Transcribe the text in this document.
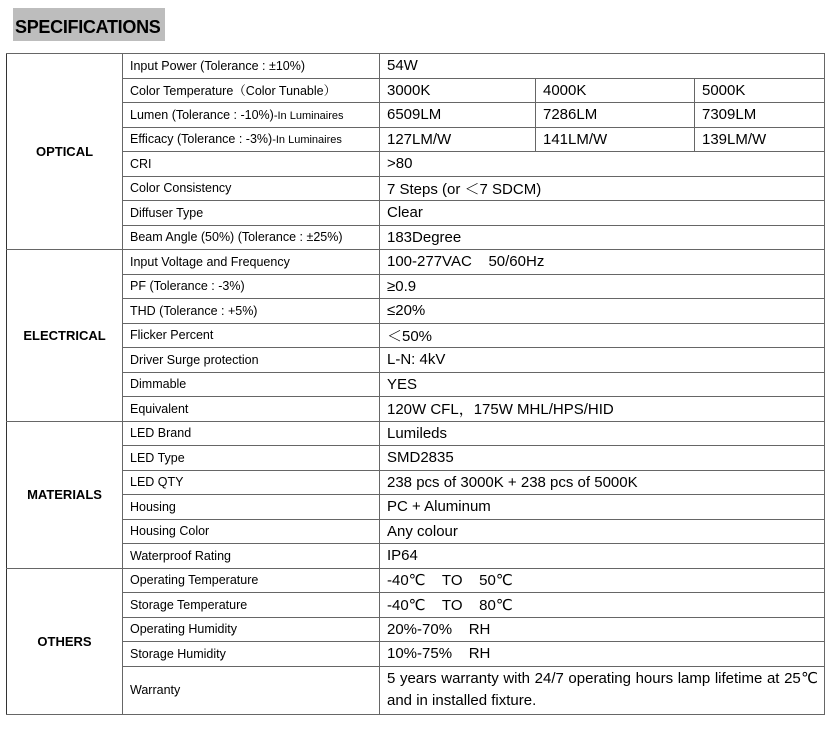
SPECIFICATIONS
OPTICAL	Input Power (Tolerance : ±10%)	54W		
	Color Temperature（Color Tunable）	3000K	4000K	5000K
	Lumen (Tolerance : -10%)-In Luminaires	6509LM	7286LM	7309LM
	Efficacy (Tolerance : -3%)-In Luminaires	127LM/W	141LM/W	139LM/W
	CRI	>80		
	Color Consistency	7 Steps (or ＜7 SDCM)		
	Diffuser Type	Clear		
	Beam Angle (50%) (Tolerance : ±25%)	183Degree		
ELECTRICAL	Input Voltage and Frequency	100-277VAC    50/60Hz		
	PF (Tolerance : -3%)	≥0.9		
	THD (Tolerance : +5%)	≤20%		
	Flicker Percent	＜50%		
	Driver Surge protection	L-N: 4kV		
	Dimmable	YES		
	Equivalent	120W CFL，175W MHL/HPS/HID		
MATERIALS	LED Brand	Lumileds		
	LED Type	SMD2835		
	LED QTY	238 pcs of 3000K + 238 pcs of 5000K		
	Housing	PC + Aluminum		
	Housing Color	Any colour		
	Waterproof Rating	IP64		
OTHERS	Operating Temperature	-40℃    TO    50℃		
	Storage Temperature	-40℃    TO    80℃		
	Operating Humidity	20%-70%    RH		
	Storage Humidity	10%-75%    RH		
	Warranty	5 years warranty with 24/7 operating hours lamp lifetime at 25℃ and in installed fixture.		
